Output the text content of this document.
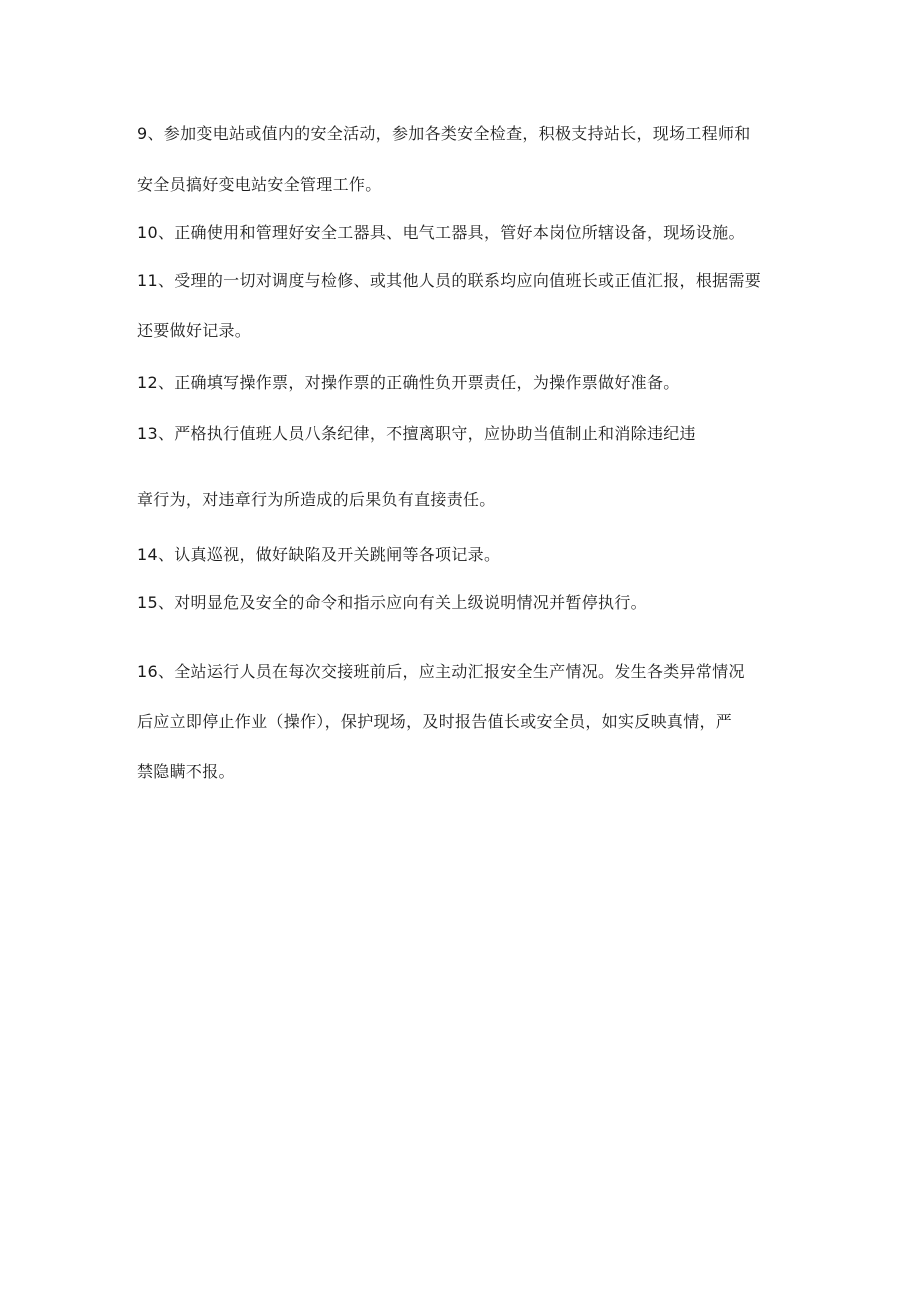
9、参加变电站或值内的安全活动，参加各类安全检查，积极支持站长，现场工程师和
安全员搞好变电站安全管理工作。
10、正确使用和管理好安全工器具、电气工器具，管好本岗位所辖设备，现场设施。
11、受理的一切对调度与检修、或其他人员的联系均应向值班长或正值汇报，根据需要
还要做好记录。
12、正确填写操作票，对操作票的正确性负开票责任，为操作票做好准备。
13、严格执行值班人员八条纪律，不擅离职守，应协助当值制止和消除违纪违
章行为，对违章行为所造成的后果负有直接责任。
14、认真巡视，做好缺陷及开关跳闸等各项记录。
15、对明显危及安全的命令和指示应向有关上级说明情况并暂停执行。
16、全站运行人员在每次交接班前后，应主动汇报安全生产情况。发生各类异常情况
后应立即停止作业（操作），保护现场，及时报告值长或安全员，如实反映真情，严
禁隐瞒不报。
